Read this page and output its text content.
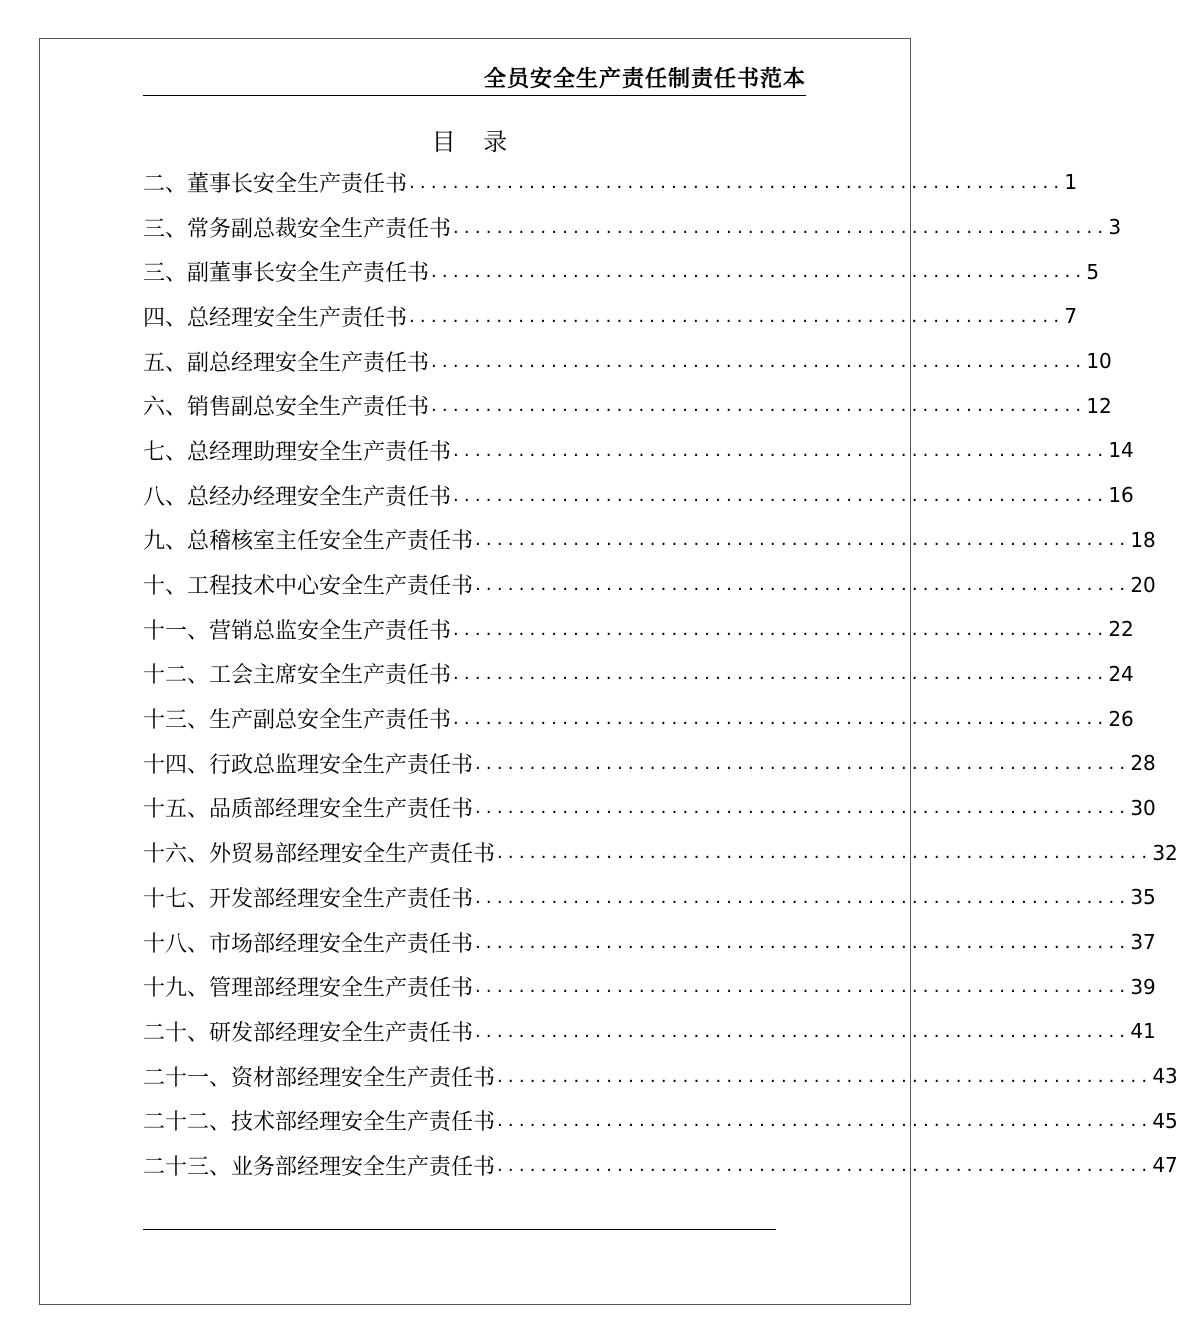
全员安全生产责任制责任书范本
目 录
二、董事长安全生产责任书 ............................................................ 1
三、常务副总裁安全生产责任书 ............................................................ 3
三、副董事长安全生产责任书 ............................................................ 5
四、总经理安全生产责任书 ............................................................ 7
五、副总经理安全生产责任书 ............................................................ 10
六、销售副总安全生产责任书 ............................................................ 12
七、总经理助理安全生产责任书 ............................................................ 14
八、总经办经理安全生产责任书 ............................................................ 16
九、总稽核室主任安全生产责任书 ............................................................ 18
十、工程技术中心安全生产责任书 ............................................................ 20
十一、营销总监安全生产责任书 ............................................................ 22
十二、工会主席安全生产责任书 ............................................................ 24
十三、生产副总安全生产责任书 ............................................................ 26
十四、行政总监理安全生产责任书 ............................................................ 28
十五、品质部经理安全生产责任书 ............................................................ 30
十六、外贸易部经理安全生产责任书 ............................................................ 32
十七、开发部经理安全生产责任书 ............................................................ 35
十八、市场部经理安全生产责任书 ............................................................ 37
十九、管理部经理安全生产责任书 ............................................................ 39
二十、研发部经理安全生产责任书 ............................................................ 41
二十一、资材部经理安全生产责任书 ............................................................ 43
二十二、技术部经理安全生产责任书 ............................................................ 45
二十三、业务部经理安全生产责任书 ............................................................ 47
